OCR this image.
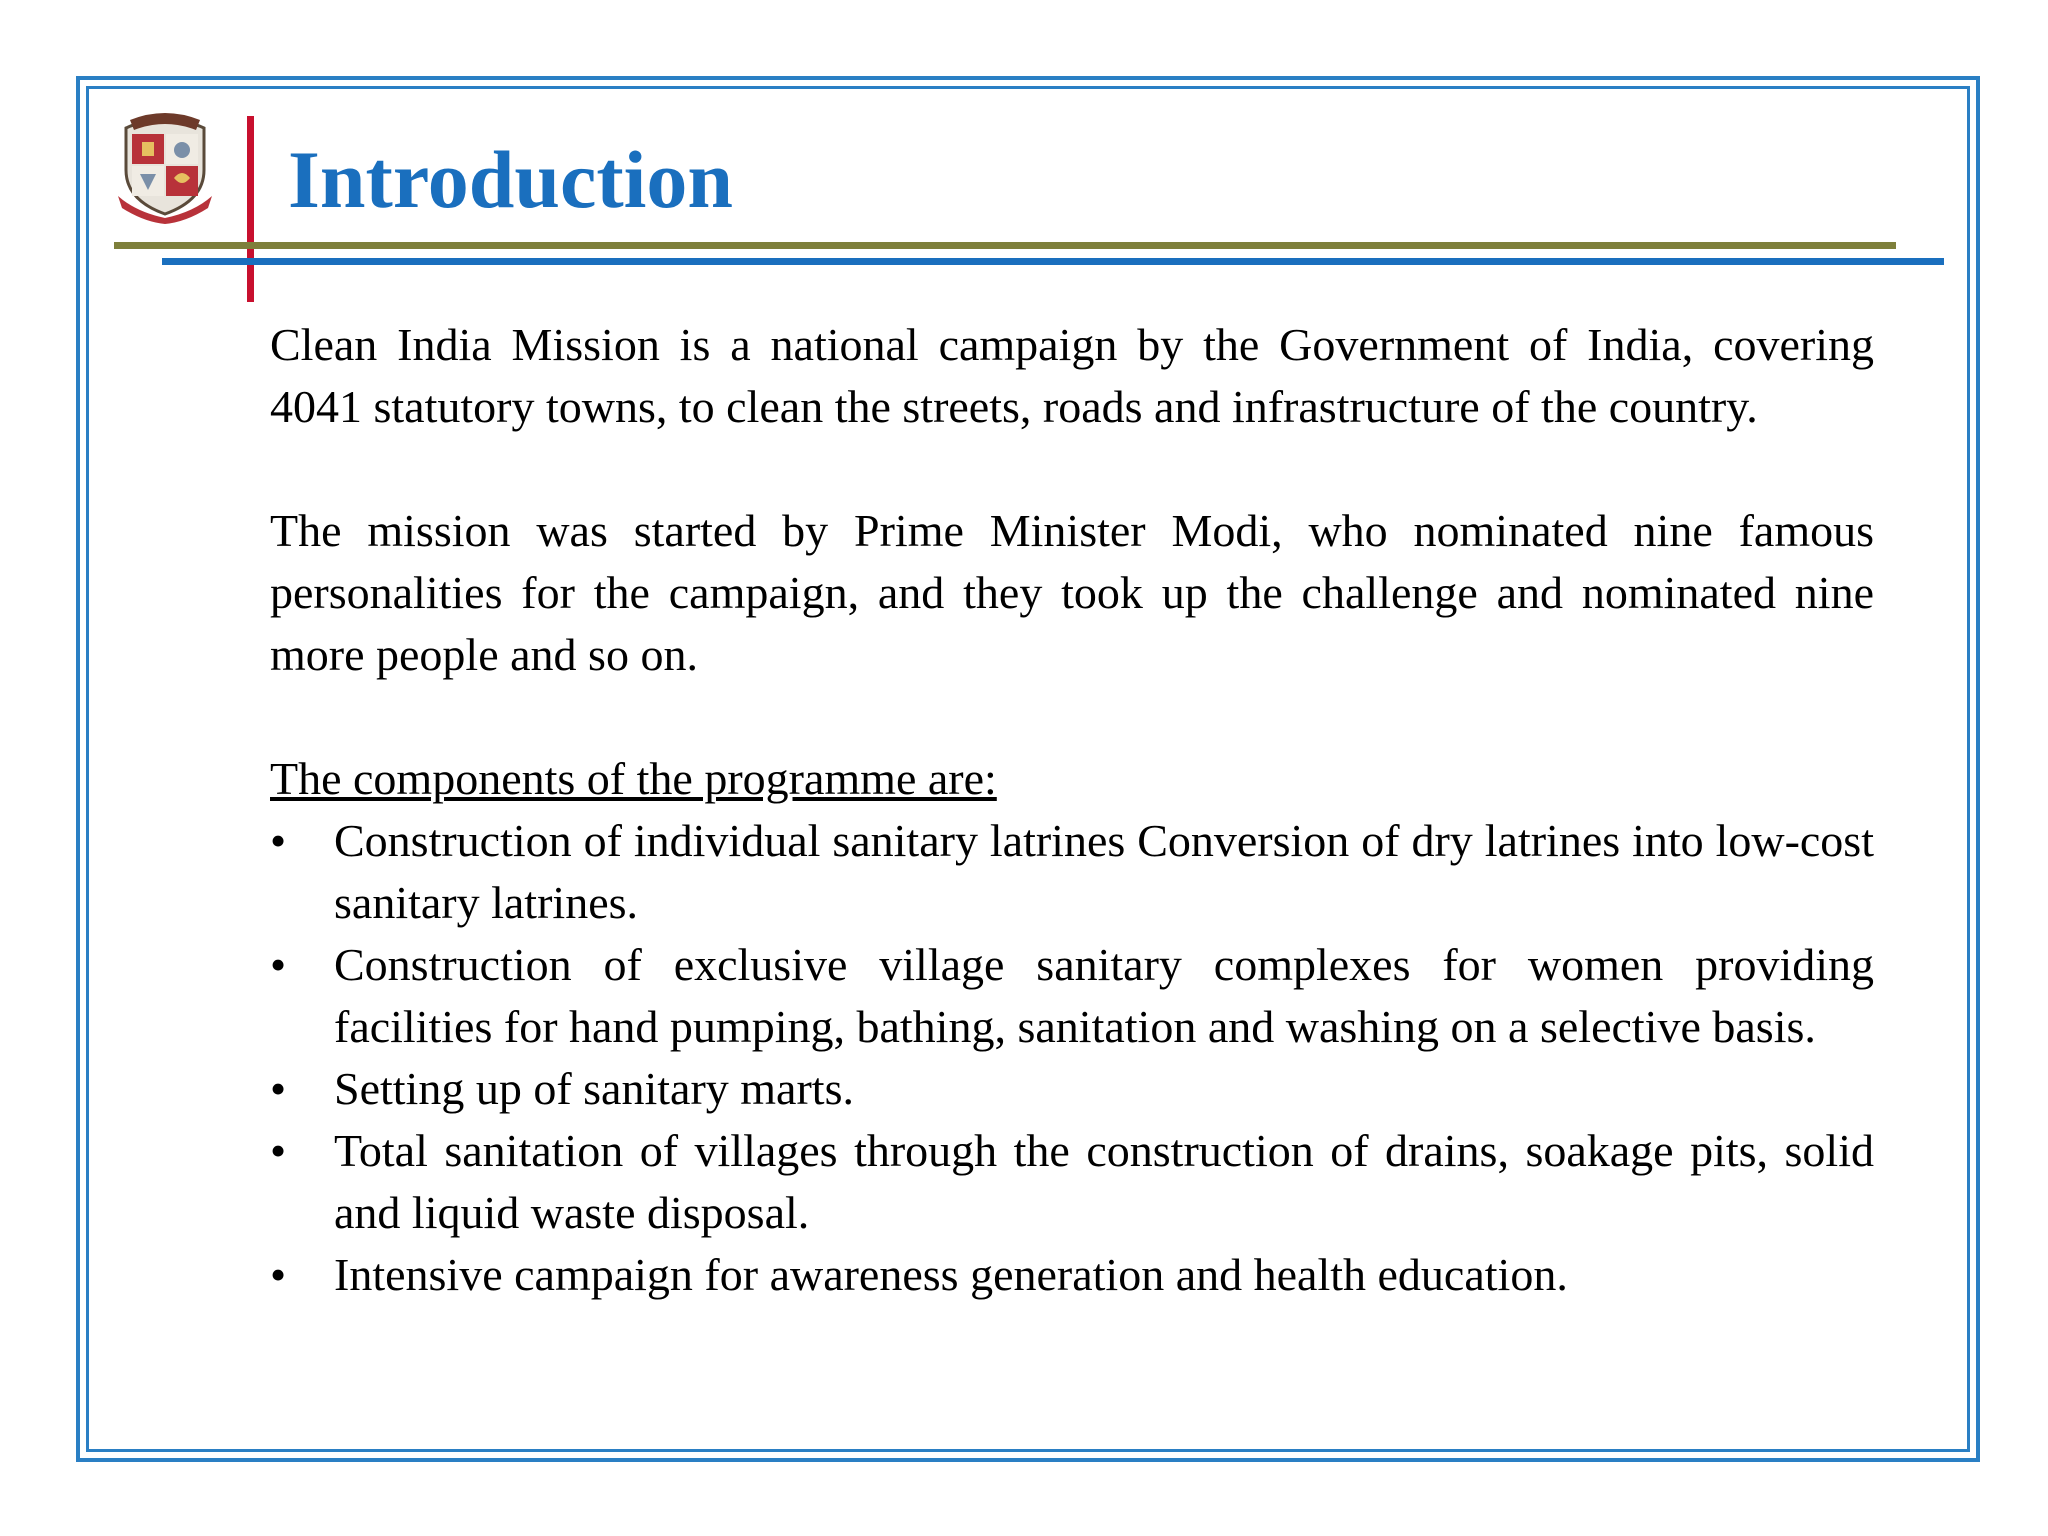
Introduction

Clean India Mission is a national campaign by the Government of India, covering 4041 statutory towns, to clean the streets, roads and infrastructure of the country.

The mission was started by Prime Minister Modi, who nominated nine famous personalities for the campaign, and they took up the challenge and nominated nine more people and so on.

The components of the programme are:

• Construction of individual sanitary latrines Conversion of dry latrines into low-cost sanitary latrines.
• Construction of exclusive village sanitary complexes for women providing facilities for hand pumping, bathing, sanitation and washing on a selective basis.
• Setting up of sanitary marts.
• Total sanitation of villages through the construction of drains, soakage pits, solid and liquid waste disposal.
• Intensive campaign for awareness generation and health education.
